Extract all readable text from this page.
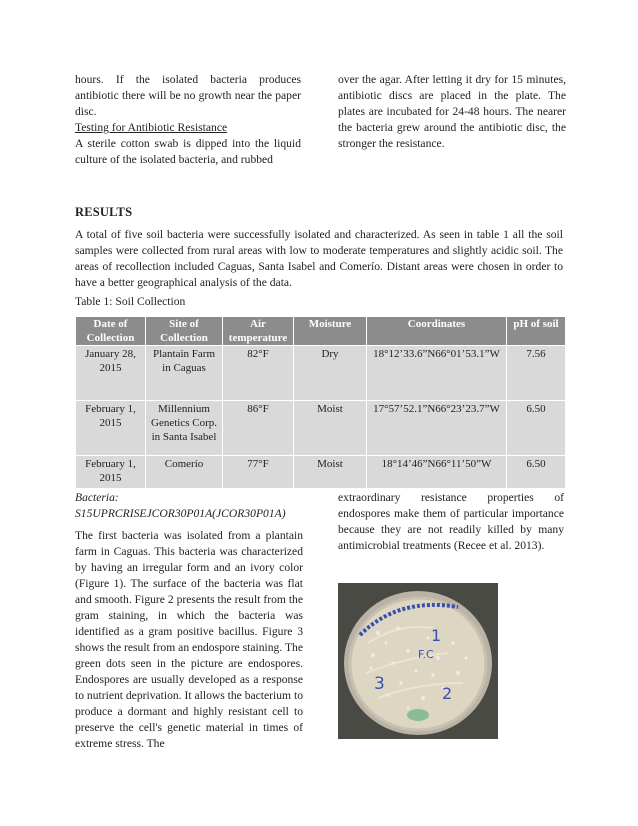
hours. If the isolated bacteria produces antibiotic there will be no growth near the paper disc.

Testing for Antibiotic Resistance

A sterile cotton swab is dipped into the liquid culture of the isolated bacteria, and rubbed

over the agar. After letting it dry for 15 minutes, antibiotic discs are placed in the plate. The plates are incubated for 24-48 hours. The nearer the bacteria grew around the antibiotic disc, the stronger the resistance.

RESULTS

A total of five soil bacteria were successfully isolated and characterized. As seen in table 1 all the soil samples were collected from rural areas with low to moderate temperatures and slightly acidic soil. The areas of recollection included Caguas, Santa Isabel and Comerío. Distant areas were chosen in order to have a better geographical analysis of the data.

Table 1: Soil Collection
Date of Collection	Site of Collection	Air temperature	Moisture	Coordinates	pH of soil
January 28, 2015	Plantain Farm in Caguas	82°F	Dry	18°12’33.6”N66°01’53.1”W	7.56
February 1, 2015	Millennium Genetics Corp. in Santa Isabel	86°F	Moist	17°57’52.1”N66°23’23.7”W	6.50
February 1, 2015	Comerío	77°F	Moist	18°14’46”N66°11’50”W	6.50
Bacteria:
S15UPRCRISEJCOR30P01A(JCOR30P01A)

The first bacteria was isolated from a plantain farm in Caguas. This bacteria was characterized by having an irregular form and an ivory color (Figure 1). The surface of the bacteria was flat and smooth. Figure 2 presents the result from the gram staining, in which the bacteria was identified as a gram positive bacillus. Figure 3 shows the result from an endospore staining. The green dots seen in the picture are endospores. Endospores are usually developed as a response to nutrient deprivation. It allows the bacterium to produce a dormant and highly resistant cell to preserve the cell's genetic material in times of extreme stress. The

extraordinary resistance properties of endospores make them of particular importance because they are not readily killed by many antimicrobial treatments (Recee et al. 2013).

1
F.C
2
3
